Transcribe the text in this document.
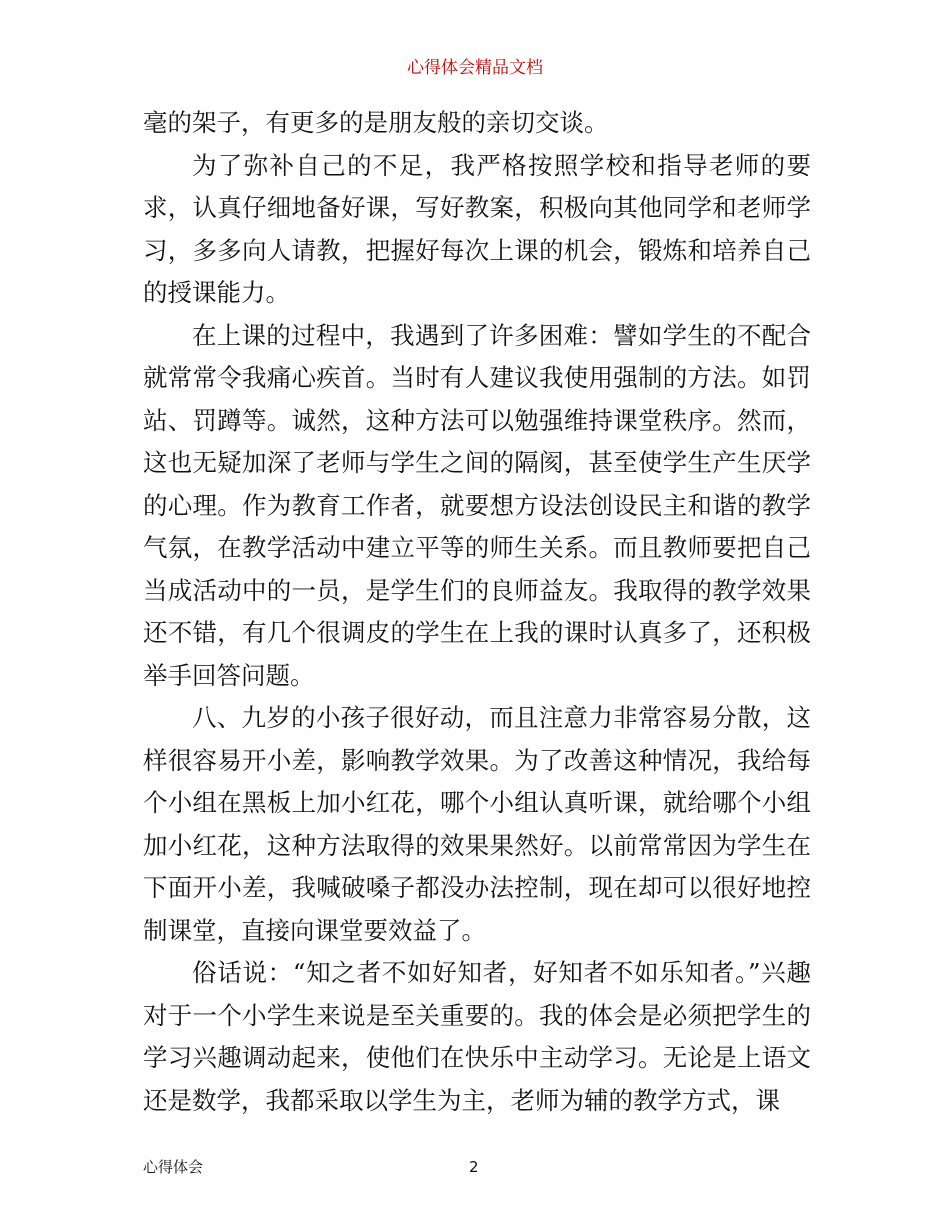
心得体会精品文档

毫的架子，有更多的是朋友般的亲切交谈。

为了弥补自己的不足，我严格按照学校和指导老师的要求，认真仔细地备好课，写好教案，积极向其他同学和老师学习，多多向人请教，把握好每次上课的机会，锻炼和培养自己的授课能力。

在上课的过程中，我遇到了许多困难：譬如学生的不配合就常常令我痛心疾首。当时有人建议我使用强制的方法。如罚站、罚蹲等。诚然，这种方法可以勉强维持课堂秩序。然而，这也无疑加深了老师与学生之间的隔阂，甚至使学生产生厌学的心理。作为教育工作者，就要想方设法创设民主和谐的教学气氛，在教学活动中建立平等的师生关系。而且教师要把自己当成活动中的一员，是学生们的良师益友。我取得的教学效果还不错，有几个很调皮的学生在上我的课时认真多了，还积极举手回答问题。

八、九岁的小孩子很好动，而且注意力非常容易分散，这样很容易开小差，影响教学效果。为了改善这种情况，我给每个小组在黑板上加小红花，哪个小组认真听课，就给哪个小组加小红花，这种方法取得的效果果然好。以前常常因为学生在下面开小差，我喊破嗓子都没办法控制，现在却可以很好地控制课堂，直接向课堂要效益了。

俗话说：“知之者不如好知者，好知者不如乐知者。”兴趣对于一个小学生来说是至关重要的。我的体会是必须把学生的学习兴趣调动起来，使他们在快乐中主动学习。无论是上语文还是数学，我都采取以学生为主，老师为辅的教学方式，课

心得体会	2
